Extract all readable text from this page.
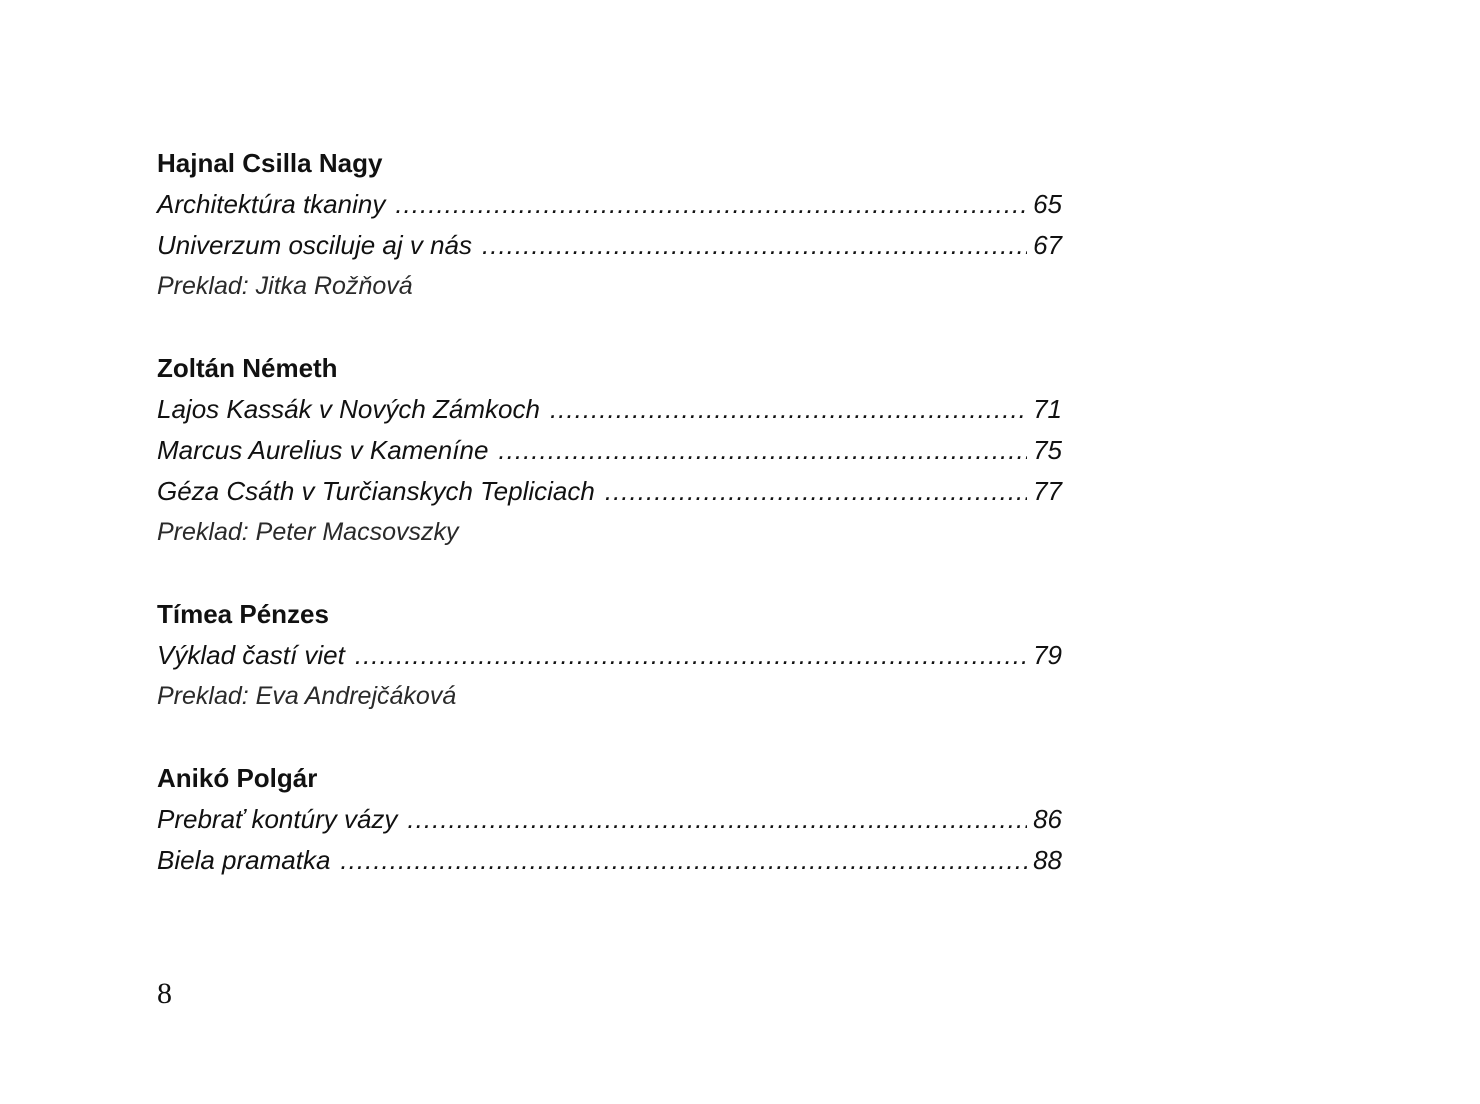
Hajnal Csilla Nagy
Architektúra tkaniny .....	65
Univerzum osciluje aj v nás .....	67
Preklad: Jitka Rožňová
Zoltán Németh
Lajos Kassák v Nových Zámkoch .....	71
Marcus Aurelius v Kameníne .....	75
Géza Csáth v Turčianskych Tepliciach .....	77
Preklad: Peter Macsovszky
Tímea Pénzes
Výklad častí viet .....	79
Preklad: Eva Andrejčáková
Anikó Polgár
Prebrať kontúry vázy .....	86
Biela pramatka .....	88
8
